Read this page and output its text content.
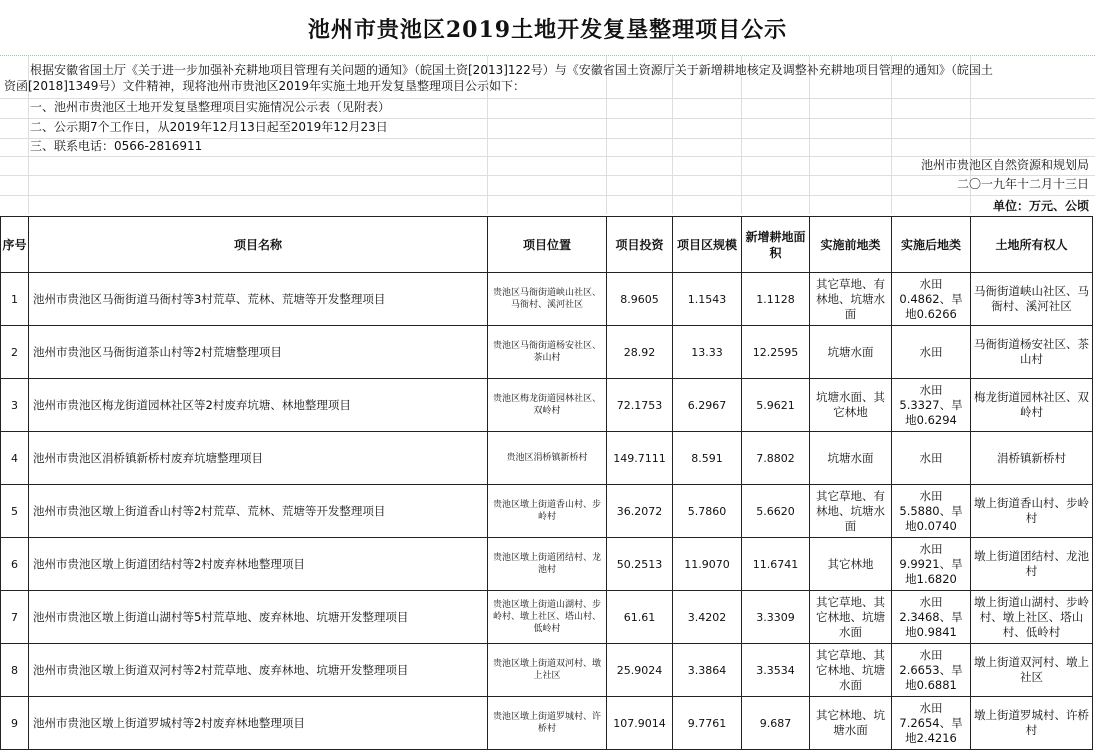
池州市贵池区2019土地开发复垦整理项目公示
根据安徽省国土厅《关于进一步加强补充耕地项目管理有关问题的通知》（皖国土资[2013]122号）与《安徽省国土资源厅关于新增耕地核定及调整补充耕地项目管理的通知》（皖国土
资函[2018]1349号）文件精神，现将池州市贵池区2019年实施土地开发复垦整理项目公示如下：
一、池州市贵池区土地开发复垦整理项目实施情况公示表（见附表）
二、公示期7个工作日，从2019年12月13日起至2019年12月23日
三、联系电话：0566-2816911
池州市贵池区自然资源和规划局
二〇一九年十二月十三日
单位：万元、公顷
序号	项目名称	项目位置	项目投资	项目区规模	新增耕地面积	实施前地类	实施后地类	土地所有权人
1	池州市贵池区马衙街道马衙村等3村荒草、荒林、荒塘等开发整理项目	贵池区马衙街道峡山社区、马衙村、溪河社区	8.9605	1.1543	1.1128	其它草地、有林地、坑塘水面	水田0.4862、旱地0.6266	马衙街道峡山社区、马衙村、溪河社区
2	池州市贵池区马衙街道茶山村等2村荒塘整理项目	贵池区马衙街道杨安社区、茶山村	28.92	13.33	12.2595	坑塘水面	水田	马衙街道杨安社区、茶山村
3	池州市贵池区梅龙街道园林社区等2村废弃坑塘、林地整理项目	贵池区梅龙街道园林社区、双岭村	72.1753	6.2967	5.9621	坑塘水面、其它林地	水田5.3327、旱地0.6294	梅龙街道园林社区、双岭村
4	池州市贵池区涓桥镇新桥村废弃坑塘整理项目	贵池区涓桥镇新桥村	149.7111	8.591	7.8802	坑塘水面	水田	涓桥镇新桥村
5	池州市贵池区墩上街道香山村等2村荒草、荒林、荒塘等开发整理项目	贵池区墩上街道香山村、步岭村	36.2072	5.7860	5.6620	其它草地、有林地、坑塘水面	水田5.5880、旱地0.0740	墩上街道香山村、步岭村
6	池州市贵池区墩上街道团结村等2村废弃林地整理项目	贵池区墩上街道团结村、龙池村	50.2513	11.9070	11.6741	其它林地	水田9.9921、旱地1.6820	墩上街道团结村、龙池村
7	池州市贵池区墩上街道山湖村等5村荒草地、废弃林地、坑塘开发整理项目	贵池区墩上街道山湖村、步岭村、墩上社区、塔山村、低岭村	61.61	3.4202	3.3309	其它草地、其它林地、坑塘水面	水田2.3468、旱地0.9841	墩上街道山湖村、步岭村、墩上社区、塔山村、低岭村
8	池州市贵池区墩上街道双河村等2村荒草地、废弃林地、坑塘开发整理项目	贵池区墩上街道双河村、墩上社区	25.9024	3.3864	3.3534	其它草地、其它林地、坑塘水面	水田2.6653、旱地0.6881	墩上街道双河村、墩上社区
9	池州市贵池区墩上街道罗城村等2村废弃林地整理项目	贵池区墩上街道罗城村、许桥村	107.9014	9.7761	9.687	其它林地、坑塘水面	水田7.2654、旱地2.4216	墩上街道罗城村、许桥村
